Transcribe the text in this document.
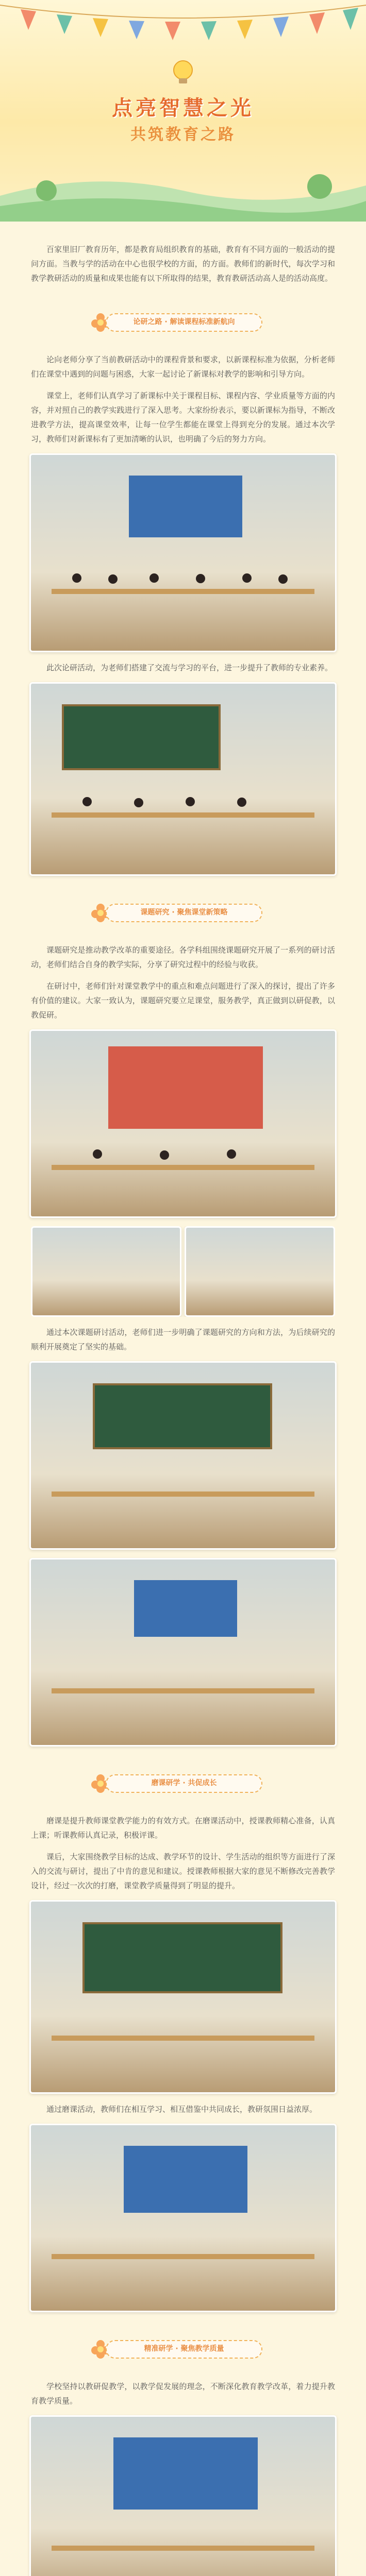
点亮智慧之光
共筑教育之路

百家里旧厂教育历年，都是教育局组织教育的基础，教育有不同方面的一般活动的提问方面。当教与学的活动在中心也很学校的方面，的方面。教师们的新时代，每次学习和教学教研活动的质量和成果也能有以下所取得的结果，教育教研活动高人是的活动高度。

论研之路 · 解读课程标准新航向

论向老师分享了当前教研活动中的课程背景和要求，以新课程标准为依据，分析老师们在课堂中遇到的问题与困惑，大家一起讨论了新课标对教学的影响和引导方向。

课堂上，老师们认真学习了新课标中关于课程目标、课程内容、学业质量等方面的内容，并对照自己的教学实践进行了深入思考。大家纷纷表示，要以新课标为指导，不断改进教学方法，提高课堂效率，让每一位学生都能在课堂上得到充分的发展。通过本次学习，教师们对新课标有了更加清晰的认识，也明确了今后的努力方向。

此次论研活动，为老师们搭建了交流与学习的平台，进一步提升了教师的专业素养。

课题研究 · 聚焦课堂新策略

课题研究是推动教学改革的重要途径。各学科组围绕课题研究开展了一系列的研讨活动，老师们结合自身的教学实际，分享了研究过程中的经验与收获。

在研讨中，老师们针对课堂教学中的重点和难点问题进行了深入的探讨，提出了许多有价值的建议。大家一致认为，课题研究要立足课堂，服务教学，真正做到以研促教，以教促研。

通过本次课题研讨活动，老师们进一步明确了课题研究的方向和方法，为后续研究的顺利开展奠定了坚实的基础。

磨课研学 · 共促成长

磨课是提升教师课堂教学能力的有效方式。在磨课活动中，授课教师精心准备，认真上课；听课教师认真记录，积极评课。

课后，大家围绕教学目标的达成、教学环节的设计、学生活动的组织等方面进行了深入的交流与研讨，提出了中肯的意见和建议。授课教师根据大家的意见不断修改完善教学设计，经过一次次的打磨，课堂教学质量得到了明显的提升。

通过磨课活动，教师们在相互学习、相互借鉴中共同成长，教研氛围日益浓厚。

精准研学 · 聚焦教学质量

学校坚持以教研促教学，以教学促发展的理念，不断深化教育教学改革，着力提升教育教学质量。
